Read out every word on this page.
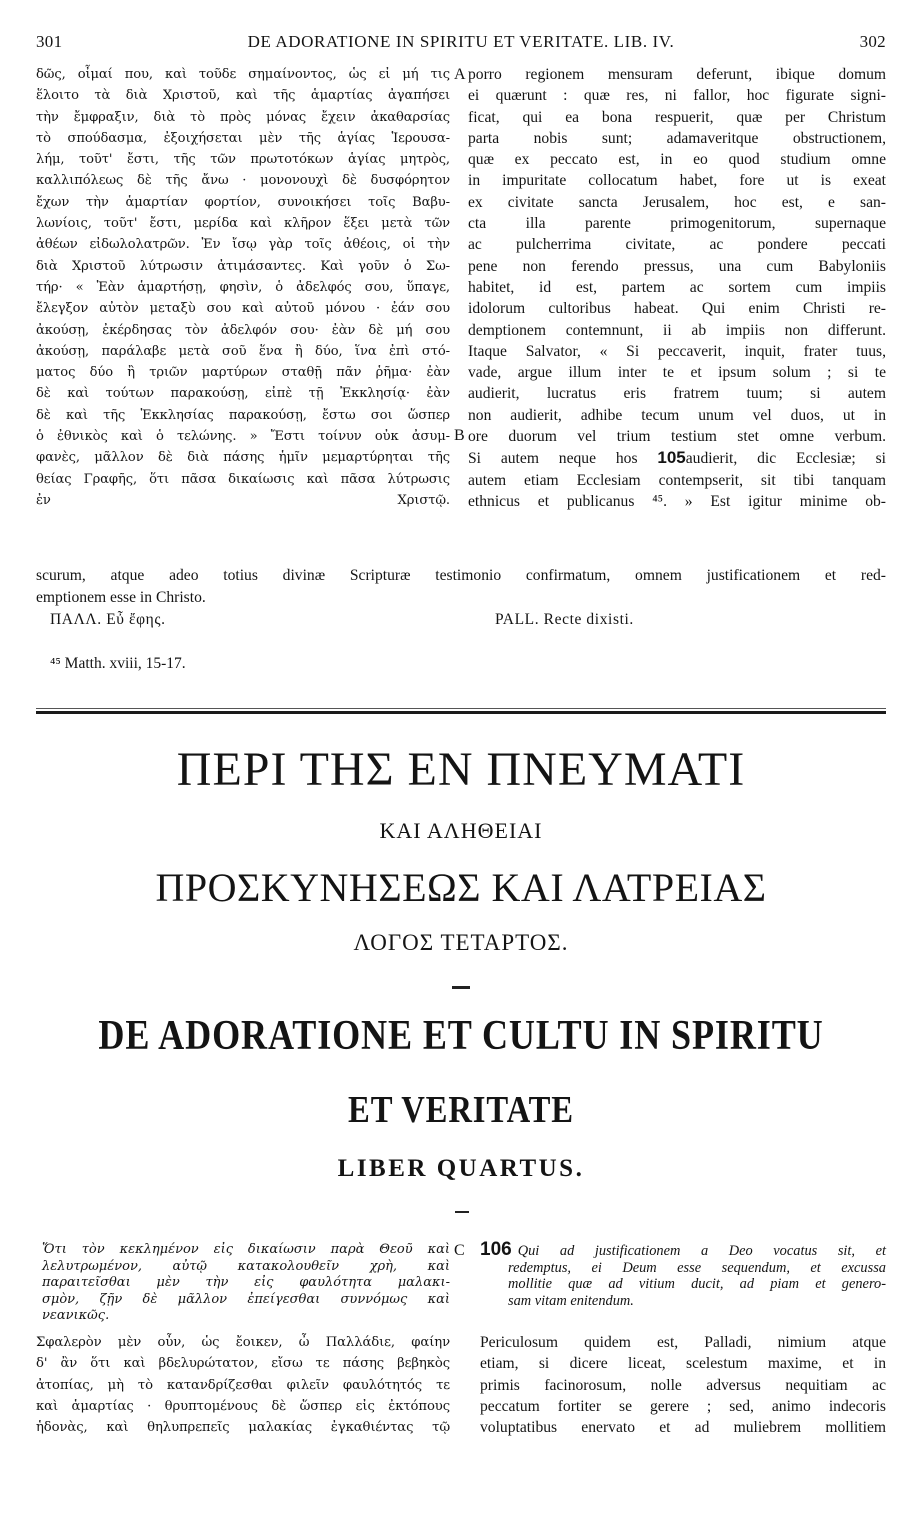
301	DE ADORATIONE IN SPIRITU ET VERITATE. LIB. IV.	302
δῶς, οἶμαί που, καὶ τοῦδε σημαίνοντος, ὡς εἰ μή τις
ἕλοιτο τὰ διὰ Χριστοῦ, καὶ τῆς ἁμαρτίας ἀγαπήσει
τὴν ἔμφραξιν, διὰ τὸ πρὸς μόνας ἔχειν ἀκαθαρσίας
τὸ σπούδασμα, ἐξοιχήσεται μὲν τῆς ἁγίας Ἱερουσα-
λήμ, τοῦτ' ἔστι, τῆς τῶν πρωτοτόκων ἁγίας μητρὸς,
καλλιπόλεως δὲ τῆς ἄνω · μονονουχὶ δὲ δυσφόρητον
ἔχων τὴν ἁμαρτίαν φορτίον, συνοικήσει τοῖς Βαβυ-
λωνίοις, τοῦτ' ἔστι, μερίδα καὶ κλῆρον ἕξει μετὰ τῶν
ἀθέων εἰδωλολατρῶν. Ἐν ἴσῳ γὰρ τοῖς ἀθέοις, οἱ τὴν
διὰ Χριστοῦ λύτρωσιν ἀτιμάσαντες. Καὶ γοῦν ὁ Σω-
τήρ· « Ἐὰν ἁμαρτήσῃ, φησὶν, ὁ ἀδελφός σου, ὕπαγε,
ἔλεγξον αὐτὸν μεταξὺ σου καὶ αὐτοῦ μόνου · ἐάν σου
ἀκούσῃ, ἐκέρδησας τὸν ἀδελφόν σου· ἐὰν δὲ μή σου
ἀκούσῃ, παράλαβε μετὰ σοῦ ἕνα ἢ δύο, ἵνα ἐπὶ στό-
ματος δύο ἢ τριῶν μαρτύρων σταθῇ πᾶν ῥῆμα· ἐὰν
δὲ καὶ τούτων παρακούσῃ, εἰπὲ τῇ Ἐκκλησίᾳ· ἐὰν
δὲ καὶ τῆς Ἐκκλησίας παρακούσῃ, ἔστω σοι ὥσπερ
ὁ ἐθνικὸς καὶ ὁ τελώνης. » Ἔστι τοίνυν οὐκ ἀσυμ-
φανὲς, μᾶλλον δὲ διὰ πάσης ἡμῖν μεμαρτύρηται τῆς
θείας Γραφῆς, ὅτι πᾶσα δικαίωσις καὶ πᾶσα λύτρωσις
ἐν Χριστῷ.
porro regionem mensuram deferunt, ibique domum
ei quærunt : quæ res, ni fallor, hoc figurate signi-
ficat, qui ea bona respuerit, quæ per Christum
parta nobis sunt; adamaveritque obstructionem,
quæ ex peccato est, in eo quod studium omne
in impuritate collocatum habet, fore ut is exeat
ex civitate sancta Jerusalem, hoc est, e san-
cta illa parente primogenitorum, supernaque
ac pulcherrima civitate, ac pondere peccati
pene non ferendo pressus, una cum Babyloniis
habitet, id est, partem ac sortem cum impiis
idolorum cultoribus habeat. Qui enim Christi re-
demptionem contemnunt, ii ab impiis non differunt.
Itaque Salvator, « Si peccaverit, inquit, frater tuus,
vade, argue illum inter te et ipsum solum ; si te
audierit, lucratus eris fratrem tuum; si autem
non audierit, adhibe tecum unum vel duos, ut in
ore duorum vel trium testium stet omne verbum.
Si autem neque hos 105audierit, dic Ecclesiæ; si
autem etiam Ecclesiam contempserit, sit tibi tanquam
ethnicus et publicanus ⁴⁵. » Est igitur minime ob-
A
B
scurum, atque adeo totius divinæ Scripturæ testimonio confirmatum, omnem justificationem et red-
emptionem esse in Christo.
ΠΑΛΛ. Εὖ ἔφης.	PALL. Recte dixisti.
⁴⁵ Matth. xviii, 15-17.
ΠΕΡΙ ΤΗΣ ΕΝ ΠΝΕΥΜΑΤΙ
ΚΑΙ ΑΛΗΘΕΙΑΙ
ΠΡΟΣΚΥΝΗΣΕΩΣ ΚΑΙ ΛΑΤΡΕΙΑΣ
ΛΟΓΟΣ ΤΕΤΑΡΤΟΣ.
DE ADORATIONE ET CULTU IN SPIRITU
ET VERITATE
LIBER QUARTUS.
Ὅτι τὸν κεκλημένον εἰς δικαίωσιν παρὰ Θεοῦ καὶ
λελυτρωμένον, αὐτῷ κατακολουθεῖν χρὴ, καὶ
παραιτεῖσθαι μὲν τὴν εἰς φαυλότητα μαλακι-
σμὸν, ζῇν δὲ μᾶλλον ἐπείγεσθαι συννόμως καὶ
νεανικῶς.
106 Qui ad justificationem a Deo vocatus sit, et
redemptus, ei Deum esse sequendum, et excussa
mollitie quæ ad vitium ducit, ad piam et genero-
sam vitam enitendum.
C
Σφαλερὸν μὲν οὖν, ὡς ἔοικεν, ὦ Παλλάδιε, φαίην
δ' ἂν ὅτι καὶ βδελυρώτατον, εἴσω τε πάσης βεβηκὸς
ἀτοπίας, μὴ τὸ κατανδρίζεσθαι φιλεῖν φαυλότητός τε
καὶ ἁμαρτίας · θρυπτομένους δὲ ὥσπερ εἰς ἐκτόπους
ἡδονὰς, καὶ θηλυπρεπεῖς μαλακίας ἐγκαθιέντας τῷ
Periculosum quidem est, Palladi, nimium atque
etiam, si dicere liceat, scelestum maxime, et in
primis facinorosum, nolle adversus nequitiam ac
peccatum fortiter se gerere ; sed, animo indecoris
voluptatibus enervato et ad muliebrem mollitiem
